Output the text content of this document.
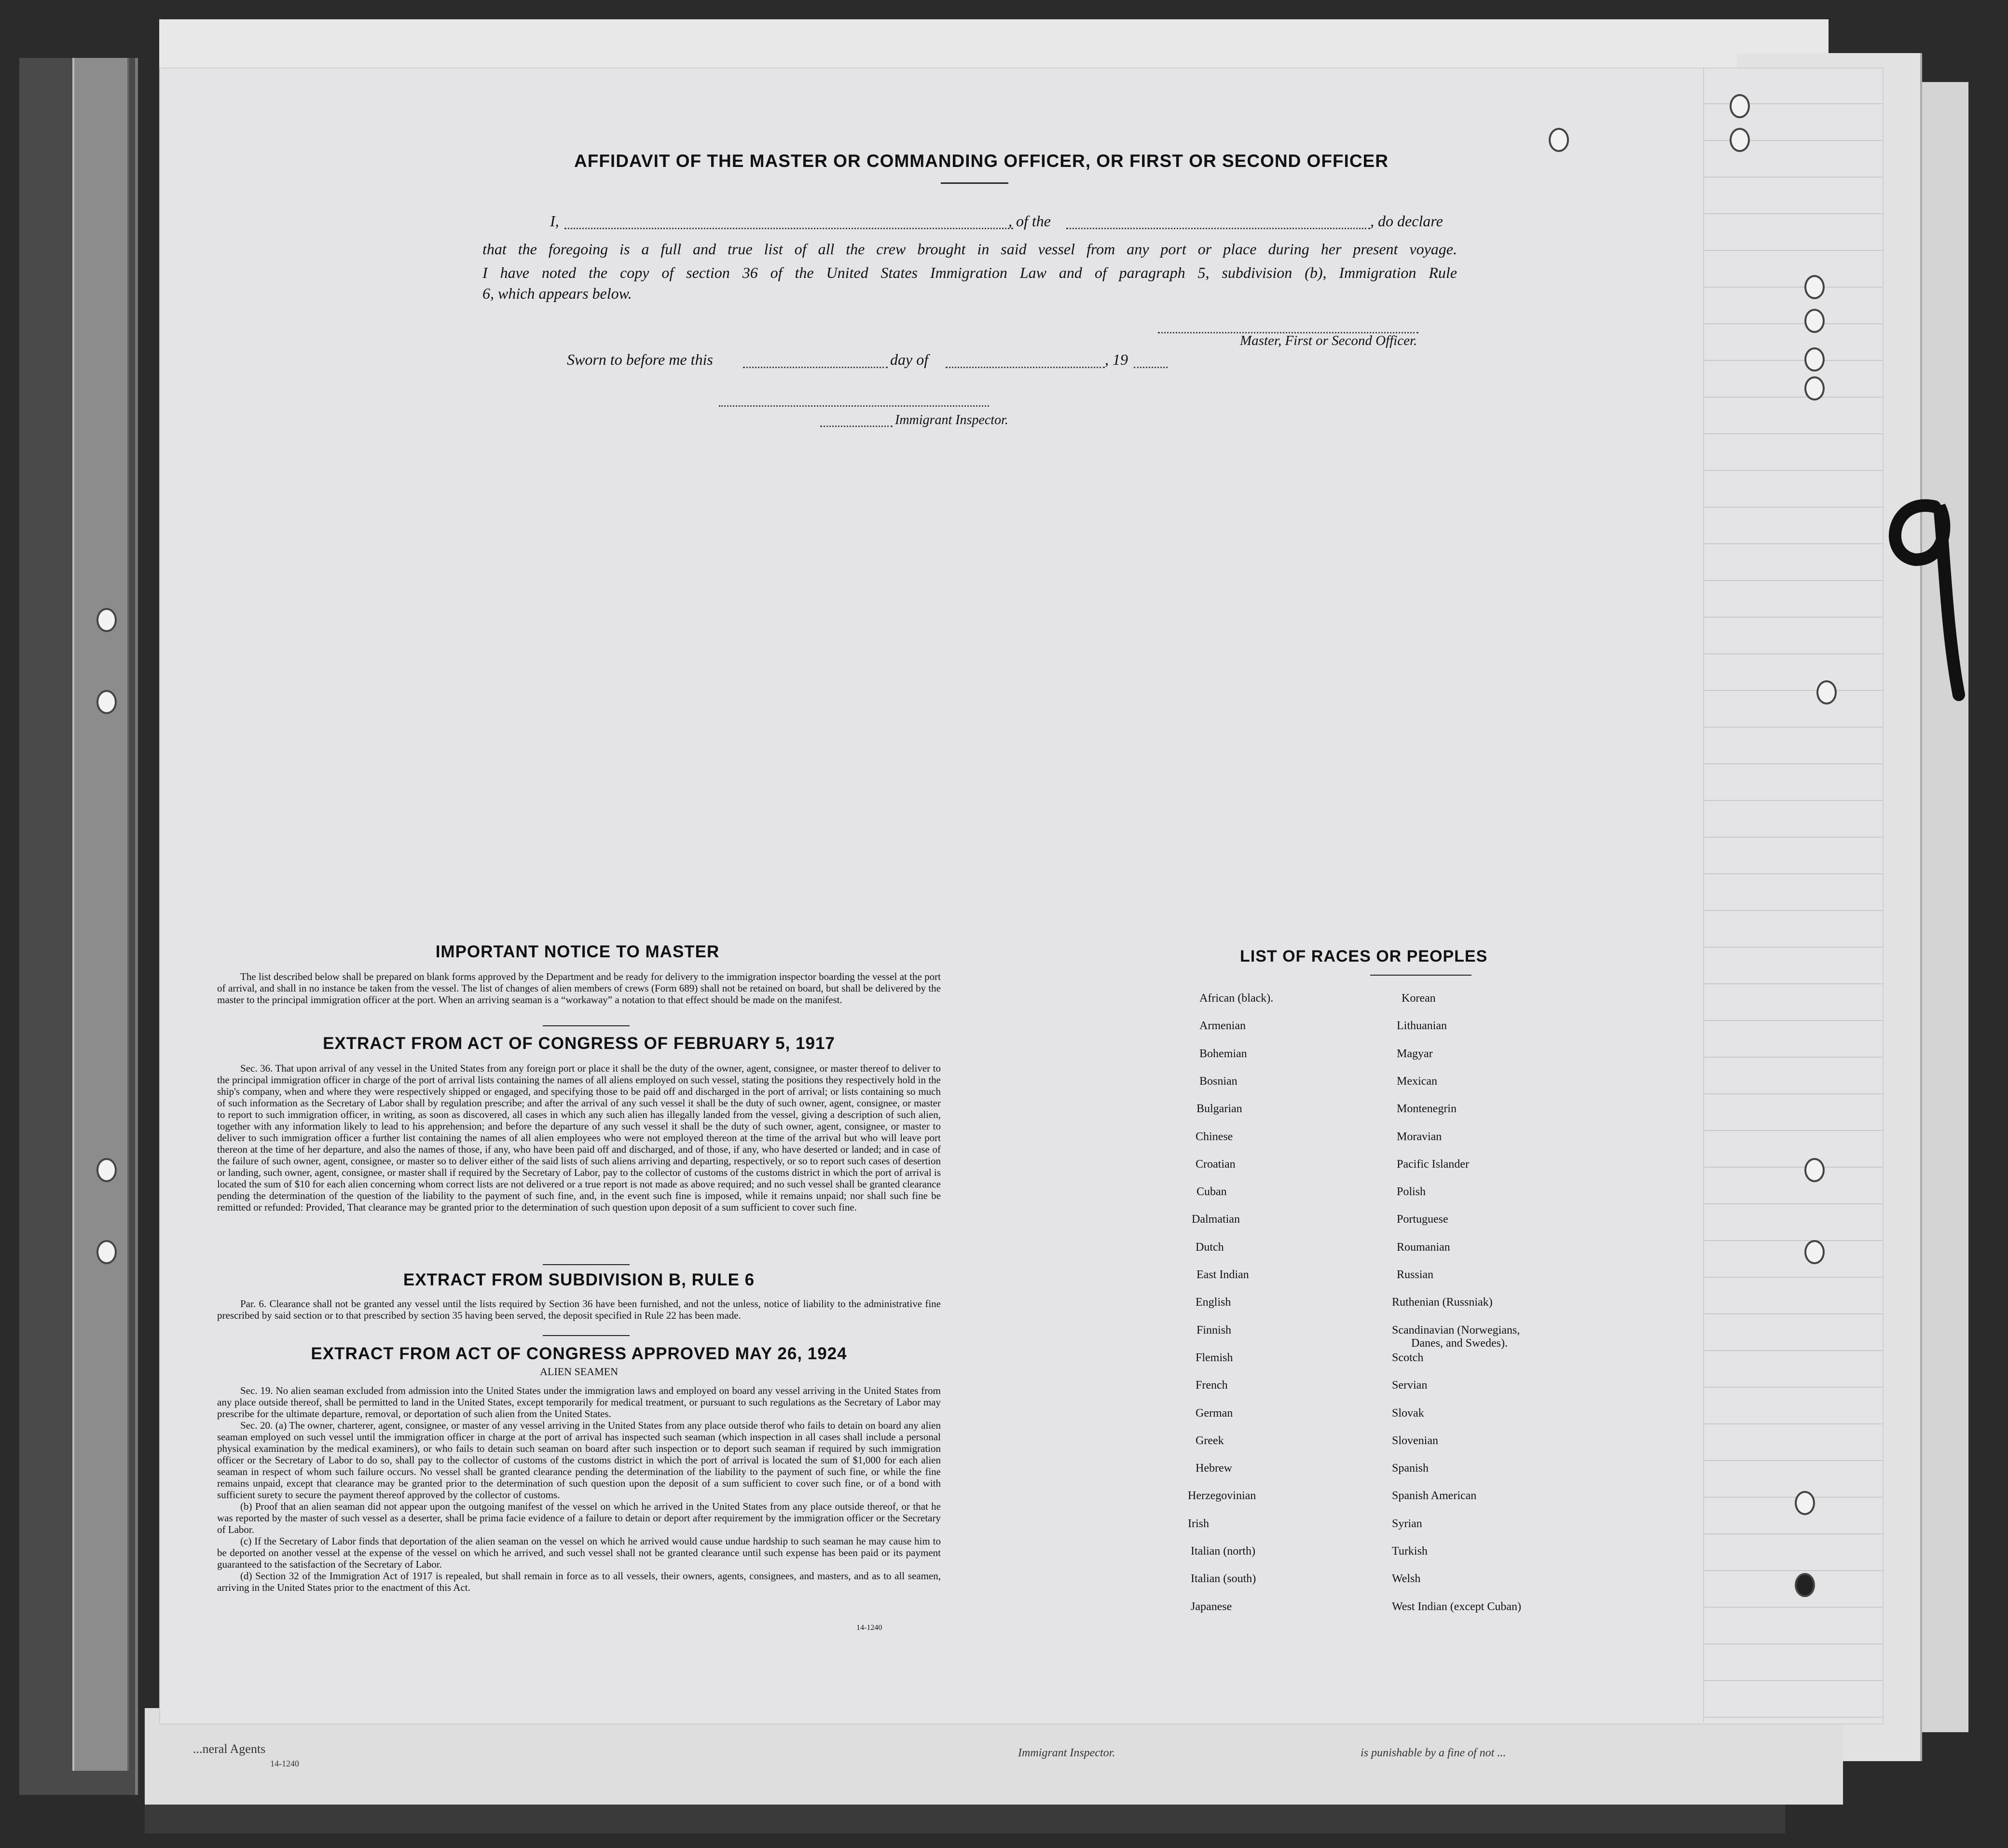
...neral Agents
14-1240
Immigrant Inspector.	is punishable by a fine of not ...
AFFIDAVIT OF THE MASTER OR COMMANDING OFFICER, OR FIRST OR SECOND OFFICER
I,	, of the	, do declare
that the foregoing is a full and true list of all the crew brought in said vessel from any port or place during her present voyage.
I have noted the copy of section 36 of the United States Immigration Law and of paragraph 5, subdivision (b), Immigration Rule
6, which appears below.
Master, First or Second Officer.
Sworn to before me this	day of	, 19
Immigrant Inspector.
IMPORTANT NOTICE TO MASTER

The list described below shall be prepared on blank forms approved by the Department and be ready for delivery to the immigration inspector boarding the vessel at the port of arrival, and shall in no instance be taken from the vessel. The list of changes of alien members of crews (Form 689) shall not be retained on board, but shall be delivered by the master to the principal immigration officer at the port. When an arriving seaman is a “workaway” a notation to that effect should be made on the manifest.

EXTRACT FROM ACT OF CONGRESS OF FEBRUARY 5, 1917

Sec. 36. That upon arrival of any vessel in the United States from any foreign port or place it shall be the duty of the owner, agent, consignee, or master thereof to deliver to the principal immigration officer in charge of the port of arrival lists containing the names of all aliens employed on such vessel, stating the positions they respectively hold in the ship's company, when and where they were respectively shipped or engaged, and specifying those to be paid off and discharged in the port of arrival; or lists containing so much of such information as the Secretary of Labor shall by regulation prescribe; and after the arrival of any such vessel it shall be the duty of such owner, agent, consignee, or master to report to such immigration officer, in writing, as soon as discovered, all cases in which any such alien has illegally landed from the vessel, giving a description of such alien, together with any information likely to lead to his apprehension; and before the departure of any such vessel it shall be the duty of such owner, agent, consignee, or master to deliver to such immigration officer a further list containing the names of all alien employees who were not employed thereon at the time of the arrival but who will leave port thereon at the time of her departure, and also the names of those, if any, who have been paid off and discharged, and of those, if any, who have deserted or landed; and in case of the failure of such owner, agent, consignee, or master so to deliver either of the said lists of such aliens arriving and departing, respectively, or so to report such cases of desertion or landing, such owner, agent, consignee, or master shall if required by the Secretary of Labor, pay to the collector of customs of the customs district in which the port of arrival is located the sum of $10 for each alien concerning whom correct lists are not delivered or a true report is not made as above required; and no such vessel shall be granted clearance pending the determination of the question of the liability to the payment of such fine, and, in the event such fine is imposed, while it remains unpaid; nor shall such fine be remitted or refunded: Provided, That clearance may be granted prior to the determination of such question upon deposit of a sum sufficient to cover such fine.

EXTRACT FROM SUBDIVISION B, RULE 6

Par. 6. Clearance shall not be granted any vessel until the lists required by Section 36 have been furnished, and not the unless, notice of liability to the administrative fine prescribed by said section or to that prescribed by section 35 having been served, the deposit specified in Rule 22 has been made.

EXTRACT FROM ACT OF CONGRESS APPROVED MAY 26, 1924
ALIEN SEAMEN

Sec. 19. No alien seaman excluded from admission into the United States under the immigration laws and employed on board any vessel arriving in the United States from any place outside thereof, shall be permitted to land in the United States, except temporarily for medical treatment, or pursuant to such regulations as the Secretary of Labor may prescribe for the ultimate departure, removal, or deportation of such alien from the United States.

Sec. 20. (a) The owner, charterer, agent, consignee, or master of any vessel arriving in the United States from any place outside therof who fails to detain on board any alien seaman employed on such vessel until the immigration officer in charge at the port of arrival has inspected such seaman (which inspection in all cases shall include a personal physical examination by the medical examiners), or who fails to detain such seaman on board after such inspection or to deport such seaman if required by such immigration officer or the Secretary of Labor to do so, shall pay to the collector of customs of the customs district in which the port of arrival is located the sum of $1,000 for each alien seaman in respect of whom such failure occurs. No vessel shall be granted clearance pending the determination of the liability to the payment of such fine, or while the fine remains unpaid, except that clearance may be granted prior to the determination of such question upon the deposit of a sum sufficient to cover such fine, or of a bond with sufficient surety to secure the payment thereof approved by the collector of customs.

(b) Proof that an alien seaman did not appear upon the outgoing manifest of the vessel on which he arrived in the United States from any place outside thereof, or that he was reported by the master of such vessel as a deserter, shall be prima facie evidence of a failure to detain or deport after requirement by the immigration officer or the Secretary of Labor.

(c) If the Secretary of Labor finds that deportation of the alien seaman on the vessel on which he arrived would cause undue hardship to such seaman he may cause him to be deported on another vessel at the expense of the vessel on which he arrived, and such vessel shall not be granted clearance until such expense has been paid or its payment guaranteed to the satisfaction of the Secretary of Labor.

(d) Section 32 of the Immigration Act of 1917 is repealed, but shall remain in force as to all vessels, their owners, agents, consignees, and masters, and as to all seamen, arriving in the United States prior to the enactment of this Act.

14-1240
LIST OF RACES OR PEOPLES
African (black).
Armenian
Bohemian
Bosnian
Bulgarian
Chinese
Croatian
Cuban
Dalmatian
Dutch
East Indian
English
Finnish
Flemish
French
German
Greek
Hebrew
Herzegovinian
Irish
Italian (north)
Italian (south)
Japanese
Korean
Lithuanian
Magyar
Mexican
Montenegrin
Moravian
Pacific Islander
Polish
Portuguese
Roumanian
Russian
Ruthenian (Russniak)
Scandinavian (Norwegians,
Danes, and Swedes).
Scotch
Servian
Slovak
Slovenian
Spanish
Spanish American
Syrian
Turkish
Welsh
West Indian (except Cuban)
